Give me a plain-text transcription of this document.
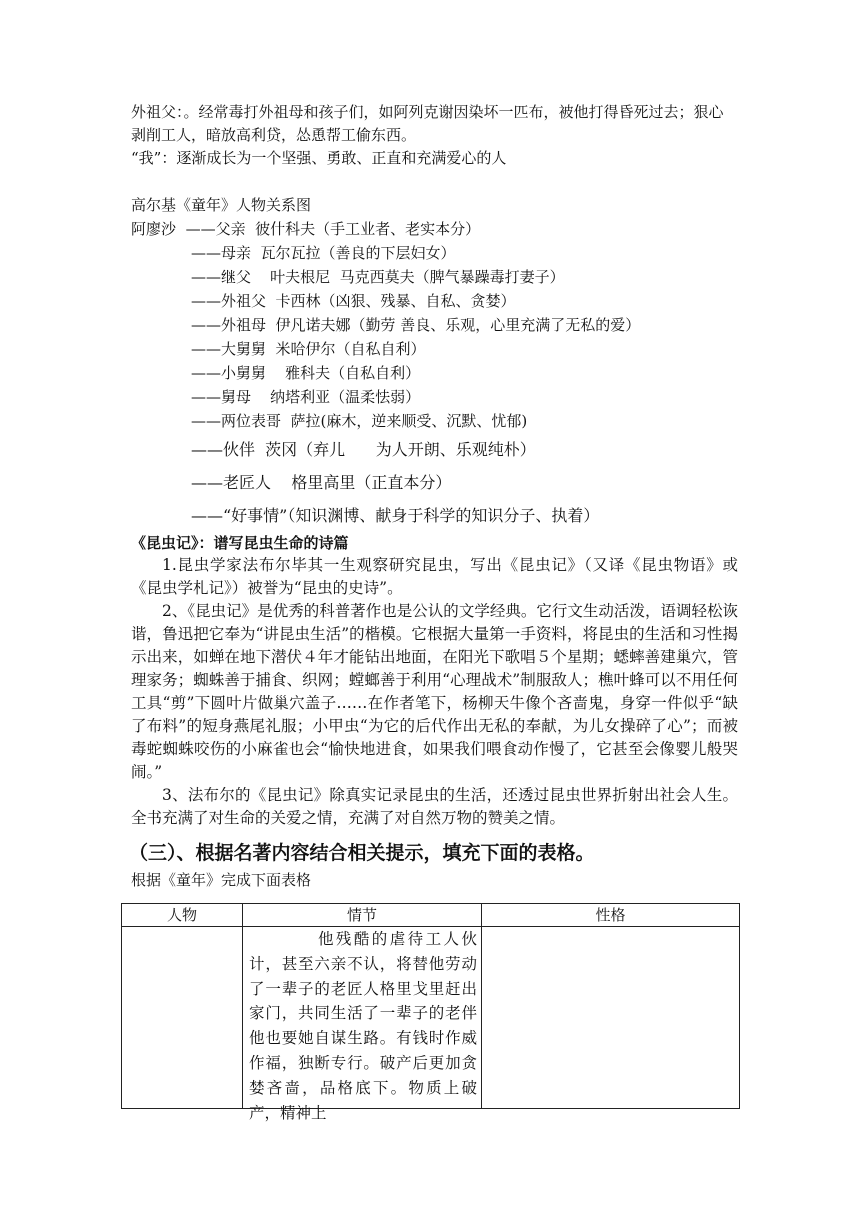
外祖父：。经常毒打外祖母和孩子们，如阿列克谢因染坏一匹布，被他打得昏死过去；狠心剥削工人，暗放高利贷，怂恿帮工偷东西。

“我”：逐渐成长为一个坚强、勇敢、正直和充满爱心的人

高尔基《童年》人物关系图

阿廖沙 ——父亲  彼什科夫（手工业者、老实本分）
——母亲  瓦尔瓦拉（善良的下层妇女）
——继父    叶夫根尼  马克西莫夫（脾气暴躁毒打妻子）
——外祖父  卡西林（凶狠、残暴、自私、贪婪）
——外祖母  伊凡诺夫娜（勤劳 善良、乐观，心里充满了无私的爱）
——大舅舅  米哈伊尔（自私自利）
——小舅舅    雅科夫（自私自利）
——舅母    纳塔利亚（温柔怯弱）
——两位表哥  萨拉(麻木，逆来顺受、沉默、忧郁)
——伙伴  茨冈（弃儿      为人开朗、乐观纯朴）
——老匠人    格里高里（正直本分）
——“好事情”（知识渊博、献身于科学的知识分子、执着）

《昆虫记》：谱写昆虫生命的诗篇

1.昆虫学家法布尔毕其一生观察研究昆虫，写出《昆虫记》（又译《昆虫物语》或《昆虫学札记》）被誉为“昆虫的史诗”。

2、《昆虫记》是优秀的科普著作也是公认的文学经典。它行文生动活泼，语调轻松诙谐，鲁迅把它奉为“讲昆虫生活”的楷模。它根据大量第一手资料，将昆虫的生活和习性揭示出来，如蝉在地下潜伏４年才能钻出地面，在阳光下歌唱５个星期；蟋蟀善建巢穴，管理家务；蜘蛛善于捕食、织网；螳螂善于利用“心理战术”制服敌人；樵叶蜂可以不用任何工具“剪”下圆叶片做巢穴盖子……在作者笔下，杨柳天牛像个吝啬鬼，身穿一件似乎“缺了布料”的短身燕尾礼服；小甲虫“为它的后代作出无私的奉献，为儿女操碎了心”；而被毒蛇蜘蛛咬伤的小麻雀也会“愉快地进食，如果我们喂食动作慢了，它甚至会像婴儿般哭闹。”

3、法布尔的《昆虫记》除真实记录昆虫的生活，还透过昆虫世界折射出社会人生。全书充满了对生命的关爱之情，充满了对自然万物的赞美之情。

（三）、根据名著内容结合相关提示，填充下面的表格。

根据《童年》完成下面表格

人物	情节	性格

	他残酷的虐待工人伙计，甚至六亲不认，将替他劳动了一辈子的老匠人格里戈里赶出家门，共同生活了一辈子的老伴他也要她自谋生路。有钱时作威作福，独断专行。破产后更加贪婪吝啬，品格底下。物质上破产，精神上	
